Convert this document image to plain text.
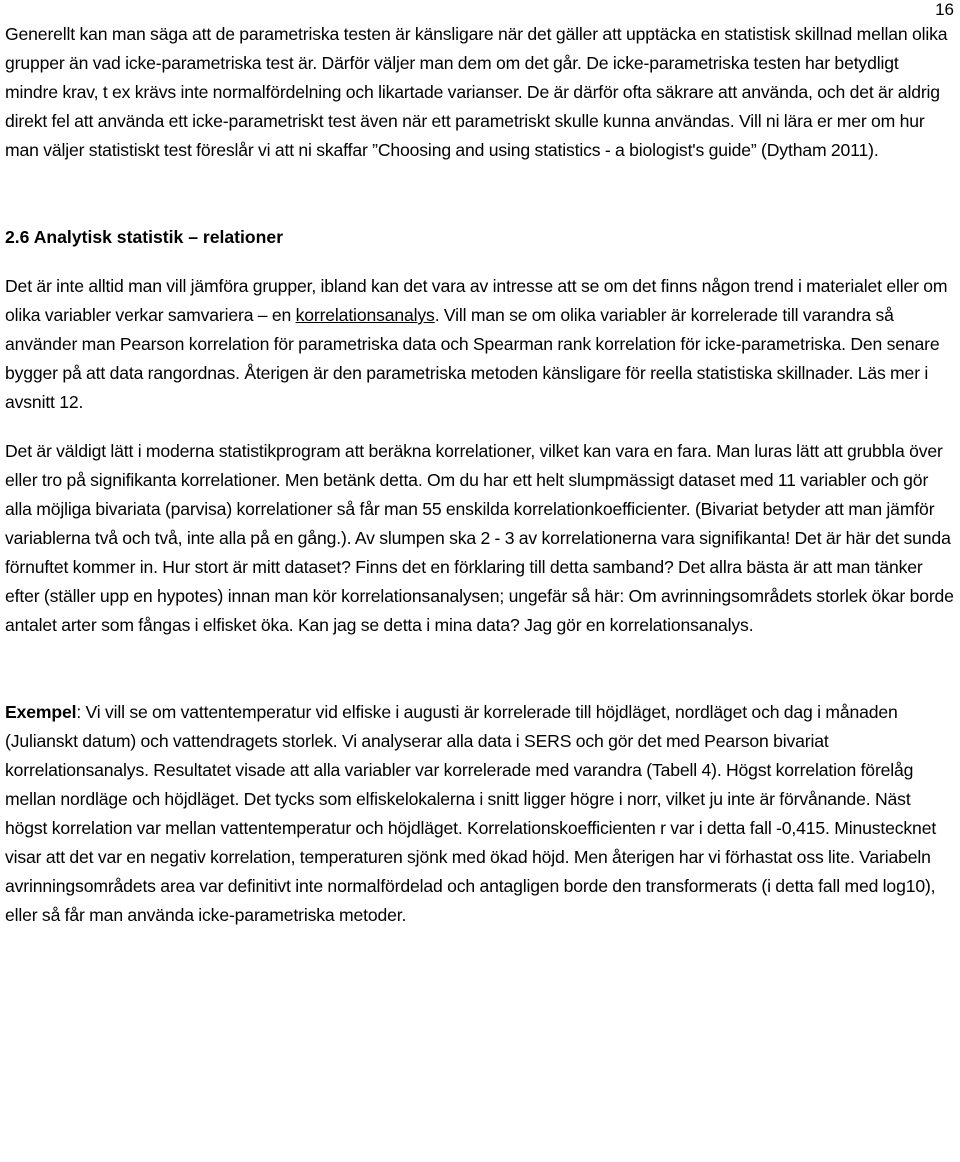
16

Generellt kan man säga att de parametriska testen är känsligare när det gäller att upptäcka en statistisk skillnad mellan olika grupper än vad icke-parametriska test är. Därför väljer man dem om det går. De icke-parametriska testen har betydligt mindre krav, t ex krävs inte normalfördelning och likartade varianser. De är därför ofta säkrare att använda, och det är aldrig direkt fel att använda ett icke-parametriskt test även när ett parametriskt skulle kunna användas. Vill ni lära er mer om hur man väljer statistiskt test föreslår vi att ni skaffar ”Choosing and using statistics - a biologist's guide” (Dytham 2011).

2.6 Analytisk statistik – relationer

Det är inte alltid man vill jämföra grupper, ibland kan det vara av intresse att se om det finns någon trend i materialet eller om olika variabler verkar samvariera – en korrelationsanalys. Vill man se om olika variabler är korrelerade till varandra så använder man Pearson korrelation för parametriska data och Spearman rank korrelation för icke-parametriska. Den senare bygger på att data rangordnas. Återigen är den parametriska metoden känsligare för reella statistiska skillnader. Läs mer i avsnitt 12.

Det är väldigt lätt i moderna statistikprogram att beräkna korrelationer, vilket kan vara en fara. Man luras lätt att grubbla över eller tro på signifikanta korrelationer. Men betänk detta. Om du har ett helt slumpmässigt dataset med 11 variabler och gör alla möjliga bivariata (parvisa) korrelationer så får man 55 enskilda korrelationkoefficienter. (Bivariat betyder att man jämför variablerna två och två, inte alla på en gång.). Av slumpen ska 2 - 3 av korrelationerna vara signifikanta! Det är här det sunda förnuftet kommer in. Hur stort är mitt dataset? Finns det en förklaring till detta samband? Det allra bästa är att man tänker efter (ställer upp en hypotes) innan man kör korrelationsanalysen; ungefär så här: Om avrinningsområdets storlek ökar borde antalet arter som fångas i elfisket öka. Kan jag se detta i mina data? Jag gör en korrelationsanalys.

Exempel: Vi vill se om vattentemperatur vid elfiske i augusti är korrelerade till höjdläget, nordläget och dag i månaden (Julianskt datum) och vattendragets storlek. Vi analyserar alla data i SERS och gör det med Pearson bivariat korrelationsanalys. Resultatet visade att alla variabler var korrelerade med varandra (Tabell 4). Högst korrelation förelåg mellan nordläge och höjdläget. Det tycks som elfiskelokalerna i snitt ligger högre i norr, vilket ju inte är förvånande. Näst högst korrelation var mellan vattentemperatur och höjdläget. Korrelationskoefficienten r var i detta fall -0,415. Minustecknet visar att det var en negativ korrelation, temperaturen sjönk med ökad höjd. Men återigen har vi förhastat oss lite. Variabeln avrinningsområdets area var definitivt inte normalfördelad och antagligen borde den transformerats (i detta fall med log10), eller så får man använda icke-parametriska metoder.
